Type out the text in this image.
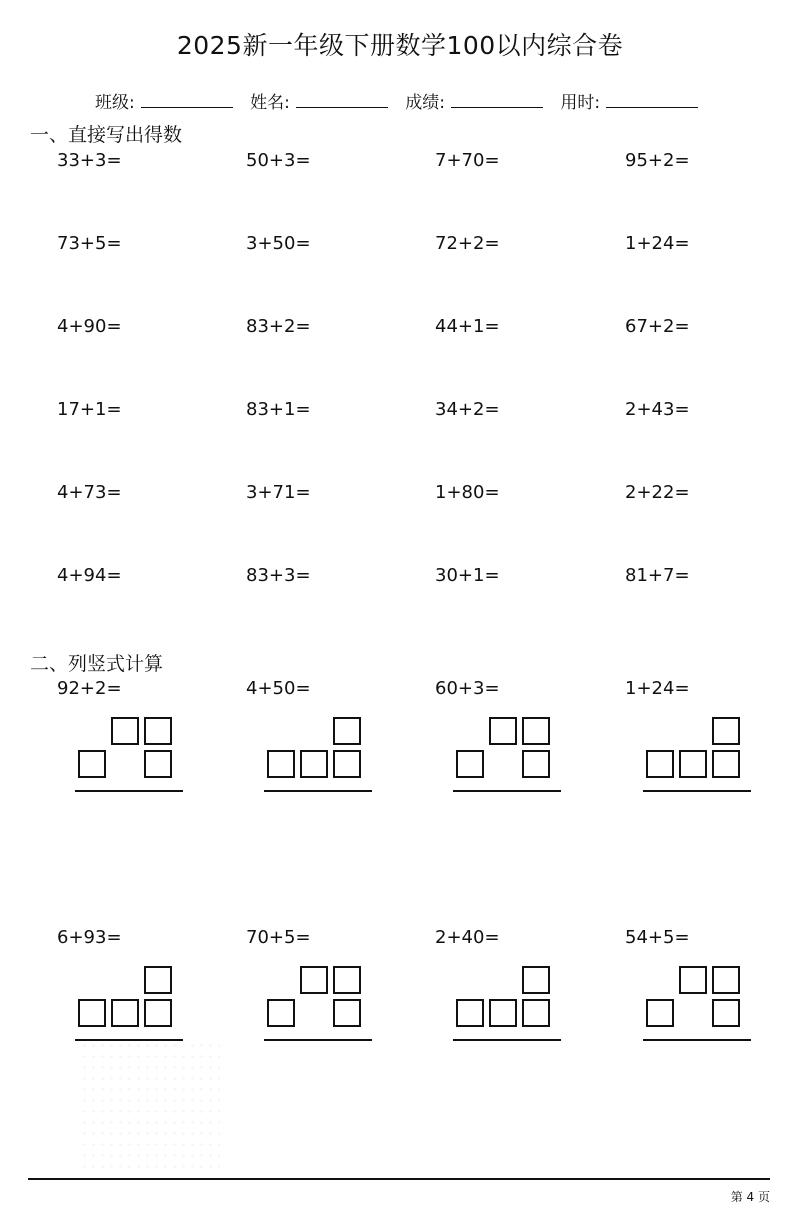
2025新一年级下册数学100以内综合卷
班级:	姓名:	成绩:	用时:
一、直接写出得数
33+3=	50+3=	7+70=	95+2=
73+5=	3+50=	72+2=	1+24=
4+90=	83+2=	44+1=	67+2=
17+1=	83+1=	34+2=	2+43=
4+73=	3+71=	1+80=	2+22=
4+94=	83+3=	30+1=	81+7=
二、列竖式计算
92+2=	4+50=	60+3=	1+24=
6+93=	70+5=	2+40=	54+5=
第 4 页
